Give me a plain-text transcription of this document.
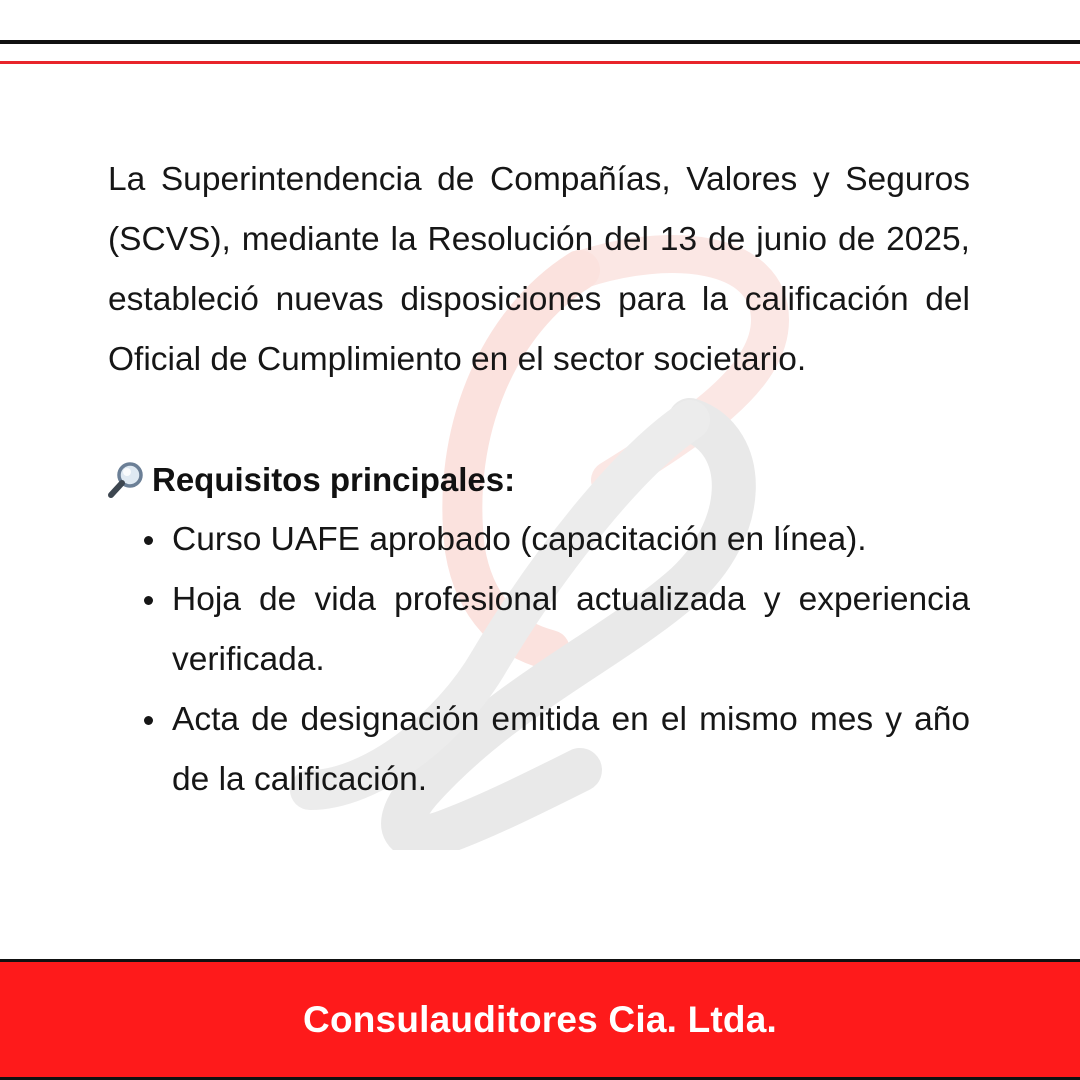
La Superintendencia de Compañías, Valores y Seguros (SCVS), mediante la Resolución del 13 de junio de 2025, estableció nuevas disposiciones para la calificación del Oficial de Cumplimiento en el sector societario.

Requisitos principales:
Curso UAFE aprobado (capacitación en línea).
Hoja de vida profesional actualizada y experiencia verificada.
Acta de designación emitida en el mismo mes y año de la calificación.
Consulauditores Cia. Ltda.
